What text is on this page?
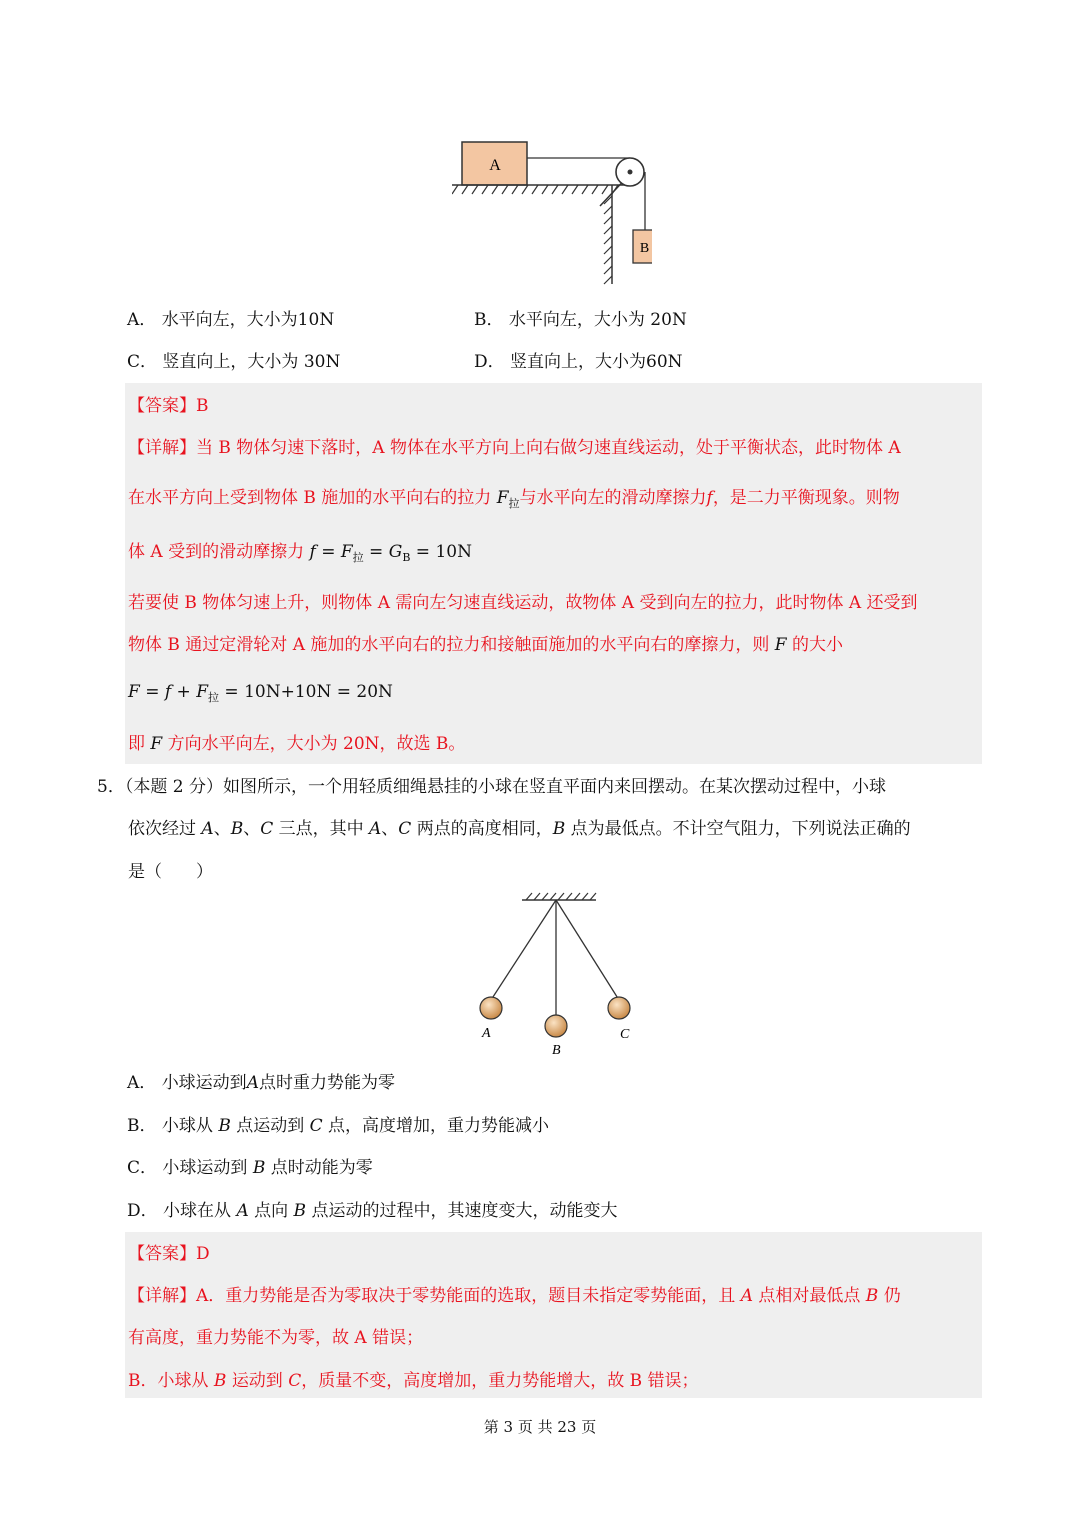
A
B
A． 水平向左，大小为10N	B． 水平向左，大小为 20N
C． 竖直向上，大小为 30N	D． 竖直向上，大小为60N
【答案】B
【详解】当 B 物体匀速下落时，A 物体在水平方向上向右做匀速直线运动，处于平衡状态，此时物体 A
在水平方向上受到物体 B 施加的水平向右的拉力 $F_拉$与水平向左的滑动摩擦力f，是二力平衡现象。则物
体 A 受到的滑动摩擦力 $f = F_拉 = G_B = 10N$
若要使 B 物体匀速上升，则物体 A 需向左匀速直线运动，故物体 A 受到向左的拉力，此时物体 A 还受到
物体 B 通过定滑轮对 A 施加的水平向右的拉力和接触面施加的水平向右的摩擦力，则 F 的大小
$F = f + F_拉 = 10N+10N = 20N$
即 F 方向水平向左，大小为 20N，故选 B。
5．（本题 2 分）如图所示，一个用轻质细绳悬挂的小球在竖直平面内来回摆动。在某次摆动过程中，小球
依次经过 A、B、C 三点，其中 A、C 两点的高度相同，B 点为最低点。不计空气阻力，下列说法正确的
是（　　）
A
B
C
A． 小球运动到A点时重力势能为零
B． 小球从 B 点运动到 C 点，高度增加，重力势能减小
C． 小球运动到 B 点时动能为零
D． 小球在从 A 点向 B 点运动的过程中，其速度变大，动能变大
【答案】D
【详解】A．重力势能是否为零取决于零势能面的选取，题目未指定零势能面，且 A 点相对最低点 B 仍
有高度，重力势能不为零，故 A 错误；
B．小球从 B 运动到 C，质量不变，高度增加，重力势能增大，故 B 错误；
第 3 页 共 23 页
